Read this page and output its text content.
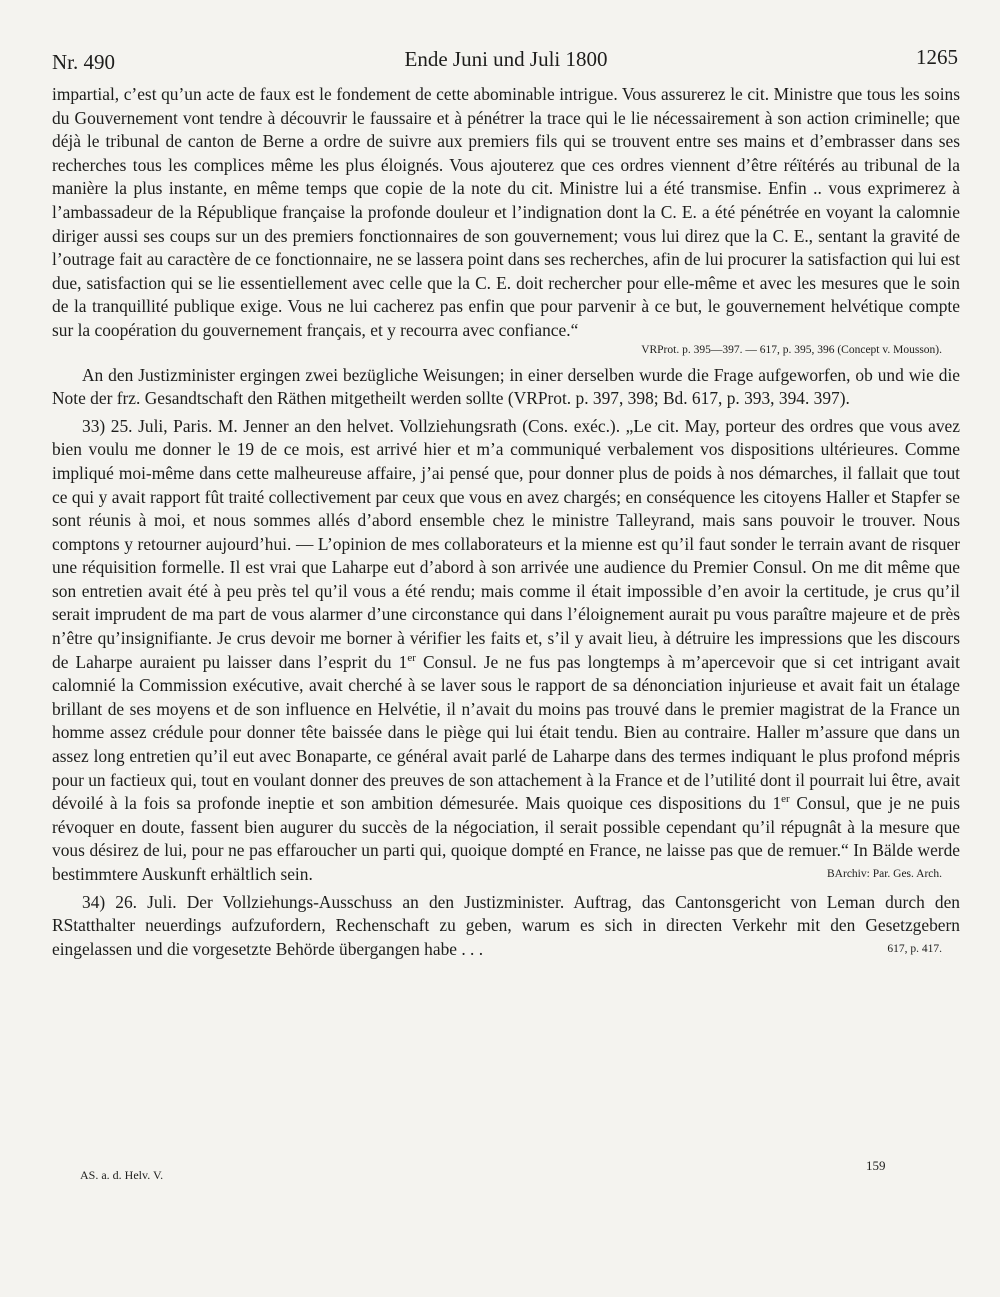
Nr. 490	Ende Juni und Juli 1800	1265

impartial, c’est qu’un acte de faux est le fondement de cette abominable intrigue. Vous assurerez le cit. Ministre que tous les soins du Gouvernement vont tendre à découvrir le faussaire et à pénétrer la trace qui le lie nécessairement à son action criminelle; que déjà le tribunal de canton de Berne a ordre de suivre aux premiers fils qui se trouvent entre ses mains et d’embrasser dans ses recherches tous les complices même les plus éloignés. Vous ajouterez que ces ordres viennent d’être réïtérés au tribunal de la manière la plus instante, en même temps que copie de la note du cit. Ministre lui a été transmise. Enfin .. vous exprimerez à l’ambassadeur de la République française la profonde douleur et l’indignation dont la C. E. a été pénétrée en voyant la calomnie diriger aussi ses coups sur un des premiers fonctionnaires de son gouvernement; vous lui direz que la C. E., sentant la gravité de l’outrage fait au caractère de ce fonctionnaire, ne se lassera point dans ses recherches, afin de lui procurer la satisfaction qui lui est due, satisfaction qui se lie essentiellement avec celle que la C. E. doit rechercher pour elle-même et avec les mesures que le soin de la tranquillité publique exige. Vous ne lui cacherez pas enfin que pour parvenir à ce but, le gouvernement helvétique compte sur la coopération du gouvernement français, et y recourra avec confiance.“

VRProt. p. 395—397. — 617, p. 395, 396 (Concept v. Mousson).

An den Justizminister ergingen zwei bezügliche Weisungen; in einer derselben wurde die Frage aufgeworfen, ob und wie die Note der frz. Gesandtschaft den Räthen mitgetheilt werden sollte (VRProt. p. 397, 398; Bd. 617, p. 393, 394. 397).

33) 25. Juli, Paris. M. Jenner an den helvet. Vollziehungsrath (Cons. exéc.). „Le cit. May, porteur des ordres que vous avez bien voulu me donner le 19 de ce mois, est arrivé hier et m’a communiqué verbalement vos dispositions ultérieures. Comme impliqué moi-même dans cette malheureuse affaire, j’ai pensé que, pour donner plus de poids à nos démarches, il fallait que tout ce qui y avait rapport fût traité collectivement par ceux que vous en avez chargés; en conséquence les citoyens Haller et Stapfer se sont réunis à moi, et nous sommes allés d’abord ensemble chez le ministre Talleyrand, mais sans pouvoir le trouver. Nous comptons y retourner aujourd’hui. — L’opinion de mes collaborateurs et la mienne est qu’il faut sonder le terrain avant de risquer une réquisition formelle. Il est vrai que Laharpe eut d’abord à son arrivée une audience du Premier Consul. On me dit même que son entretien avait été à peu près tel qu’il vous a été rendu; mais comme il était impossible d’en avoir la certitude, je crus qu’il serait imprudent de ma part de vous alarmer d’une circonstance qui dans l’éloignement aurait pu vous paraître majeure et de près n’être qu’insignifiante. Je crus devoir me borner à vérifier les faits et, s’il y avait lieu, à détruire les impressions que les discours de Laharpe auraient pu laisser dans l’esprit du 1er Consul. Je ne fus pas longtemps à m’apercevoir que si cet intrigant avait calomnié la Commission exécutive, avait cherché à se laver sous le rapport de sa dénonciation injurieuse et avait fait un étalage brillant de ses moyens et de son influence en Helvétie, il n’avait du moins pas trouvé dans le premier magistrat de la France un homme assez crédule pour donner tête baissée dans le piège qui lui était tendu. Bien au contraire. Haller m’assure que dans un assez long entretien qu’il eut avec Bonaparte, ce général avait parlé de Laharpe dans des termes indiquant le plus profond mépris pour un factieux qui, tout en voulant donner des preuves de son attachement à la France et de l’utilité dont il pourrait lui être, avait dévoilé à la fois sa profonde ineptie et son ambition démesurée. Mais quoique ces dispositions du 1er Consul, que je ne puis révoquer en doute, fassent bien augurer du succès de la négociation, il serait possible cependant qu’il répugnât à la mesure que vous désirez de lui, pour ne pas effaroucher un parti qui, quoique dompté en France, ne laisse pas que de remuer.“ In Bälde werde bestimmtere Auskunft erhältlich sein.	BArchiv: Par. Ges. Arch.

34) 26. Juli. Der Vollziehungs-Ausschuss an den Justizminister. Auftrag, das Cantonsgericht von Leman durch den RStatthalter neuerdings aufzufordern, Rechenschaft zu geben, warum es sich in directen Verkehr mit den Gesetzgebern eingelassen und die vorgesetzte Behörde übergangen habe . . .	617, p. 417.

AS. a. d. Helv. V.
159
